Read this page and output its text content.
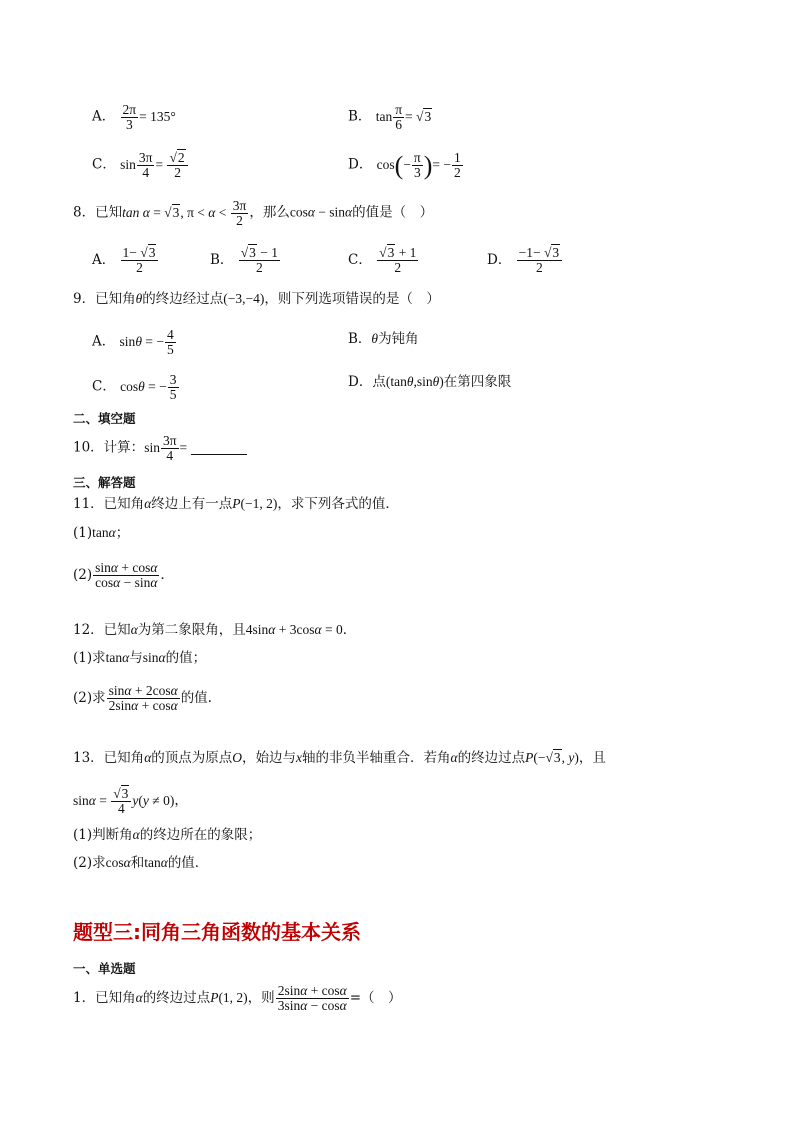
A． $\frac{2\pi}{3} = 135^\circ$	B． $\tan \frac{\pi}{6} = √3$
C． $\sin \frac{3\pi}{4} = \frac{√2}{2}$	D． $\cos(- \frac{\pi}{3}$ )= − $\frac{1}{2}$
8．已知tan α = √3, $\pi < \alpha < \frac{3\pi}{2}$ ，那么cosα − sinα的值是（　）
A． $\frac{1- √3}{2}$	B． $\frac{√3 - 1}{2}$	C． $\frac{√3 + 1}{2}$	D． $\frac{-1- √3}{2}$
9．已知角θ的终边经过点(−3,−4)，则下列选项错误的是（　）
A． sinθ = − $\frac{4}{5}$	B．θ为钝角
C． cosθ = − $\frac{3}{5}$	D．点(tanθ,sinθ)在第四象限
二、填空题
10．计算：$\sin \frac{3\pi}{4}$ =
三、解答题
11．已知角α终边上有一点P(−1, 2)，求下列各式的值．
(1)tanα；
$(2) \frac{\sin\alpha + \cos\alpha}{\cos\alpha - \sin\alpha}$ ．
12．已知α为第二象限角，且4sinα + 3cosα = 0．
(1)求tanα与sinα的值；
(2)求 $\frac{\sin\alpha + 2\cos\alpha}{2\sin\alpha + \cos\alpha}$ 的值.
13．已知角α的顶点为原点O，始边与x轴的非负半轴重合．若角α的终边过点P(−√3, y)，且
$\sin\alpha = \frac{√3}{4} y(y \ne 0)$，
(1)判断角α的终边所在的象限；
(2)求cosα和tanα的值．
题型三:同角三角函数的基本关系
一、单选题
1．已知角α的终边过点P(1, 2)，则 $\frac{2\sin\alpha + \cos\alpha}{3\sin\alpha - \cos\alpha}$ =（　）
